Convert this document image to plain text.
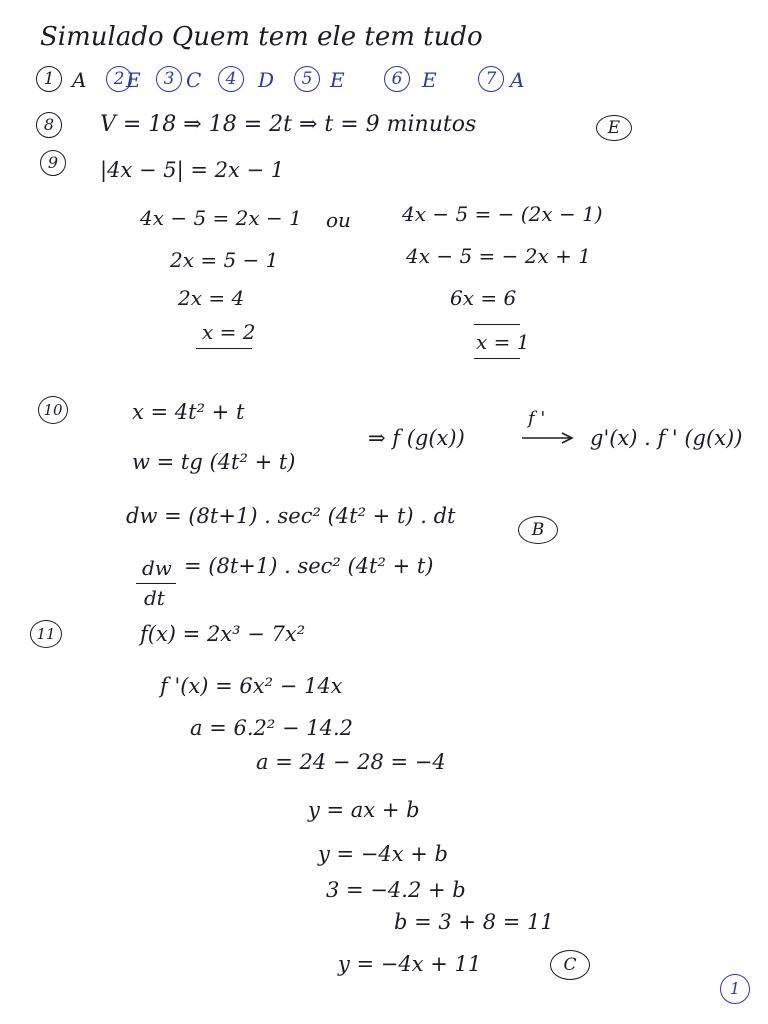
Simulado Quem tem ele tem tudo
1 A	2 E	3 C	4	D	5 E	6 E	7 A
8	V = 18 ⇒ 18 = 2t ⇒ t = 9 minutos	E
9	|4x − 5| = 2x − 1
4x − 5 = 2x − 1
2x = 5 − 1
2x = 4
x = 2
ou	4x − 5 = − (2x − 1)
4x − 5 = − 2x + 1
6x = 6
x = 1
10	x = 4t² + t
w = tg (4t² + t)
dw = (8t+1) . sec² (4t² + t) . dt
⇒ f (g(x))
f '
g'(x) . f ' (g(x))
B
dw
dt
= (8t+1) . sec² (4t² + t)
11	f(x) = 2x³ − 7x²
f '(x) = 6x² − 14x
a = 6.2² − 14.2
a = 24 − 28 = −4
y = ax + b
y = −4x + b
3 = −4.2 + b
b = 3 + 8 = 11
y = −4x + 11	C
1
